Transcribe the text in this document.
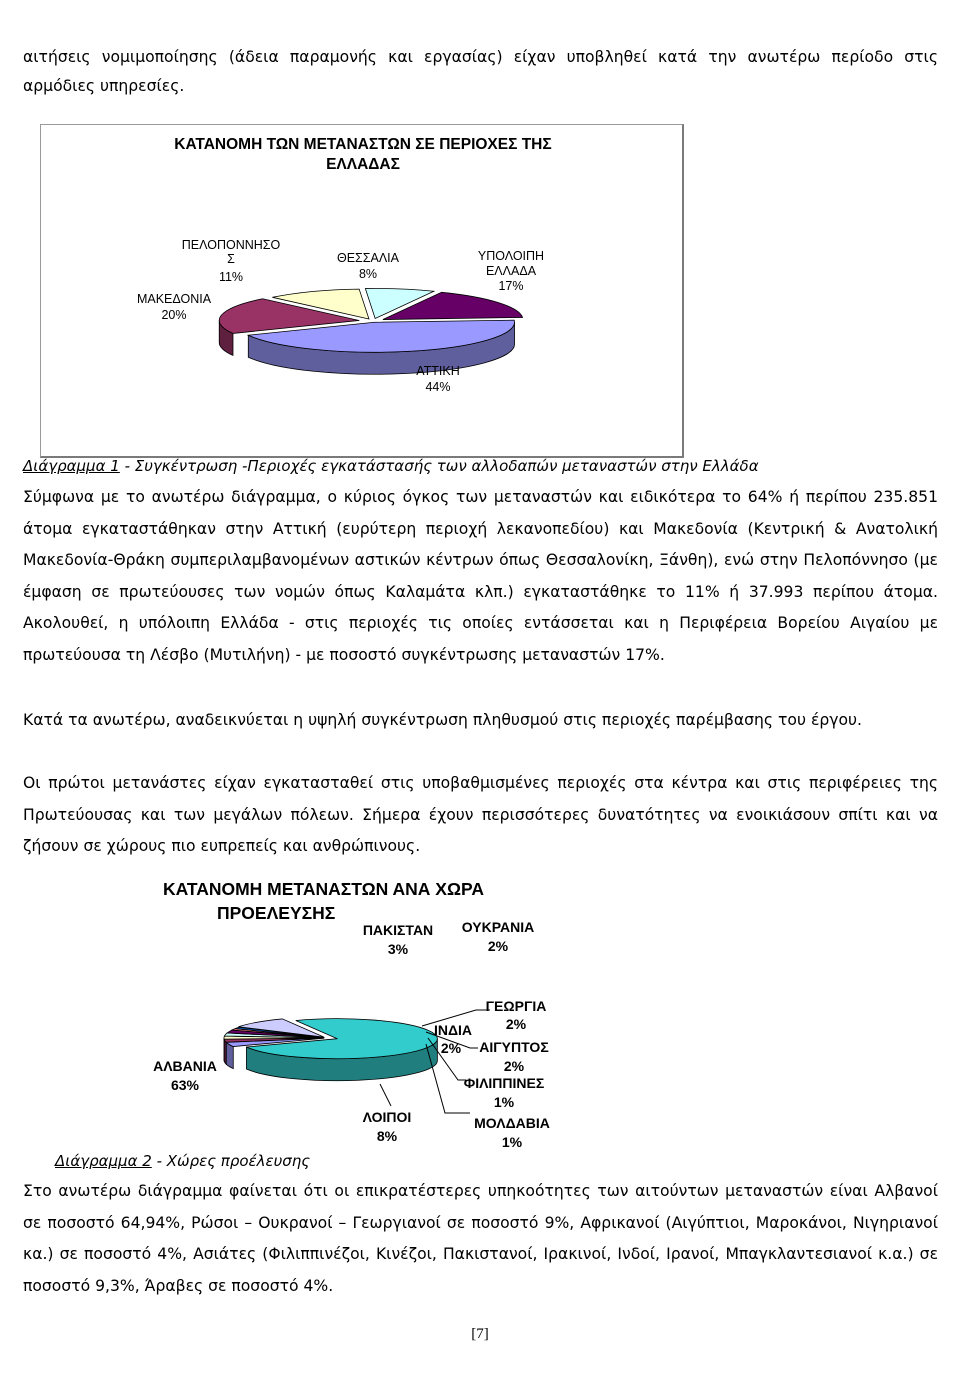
αιτήσεις νομιμοποίησης (άδεια παραμονής και εργασίας) είχαν υποβληθεί κατά την ανωτέρω περίοδο στις αρμόδιες υπηρεσίες.

ΚΑΤΑΝΟΜΗ ΤΩΝ ΜΕΤΑΝΑΣΤΩΝ ΣΕ ΠΕΡΙΟΧΕΣ ΤΗΣ
ΕΛΛΑΔΑΣ
ΠΕΛΟΠΟΝΝΗΣΟ
Σ
11%
ΜΑΚΕΔΟΝΙΑ
20%
ΘΕΣΣΑΛΙΑ
8%
ΥΠΟΛΟΙΠΗ
ΕΛΛΑΔΑ
17%
ΑΤΤΙΚΗ
44%
Διάγραμμα 1 - Συγκέντρωση -Περιοχές εγκατάστασής των αλλοδαπών μεταναστών στην Ελλάδα

Σύμφωνα με το ανωτέρω διάγραμμα, ο κύριος όγκος των μεταναστών και ειδικότερα το 64% ή περίπου 235.851 άτομα εγκαταστάθηκαν στην Αττική (ευρύτερη περιοχή λεκανοπεδίου) και Μακεδονία (Κεντρική & Ανατολική Μακεδονία-Θράκη συμπεριλαμβανομένων αστικών κέντρων όπως Θεσσαλονίκη, Ξάνθη), ενώ στην Πελοπόννησο (με έμφαση σε πρωτεύουσες των νομών όπως Καλαμάτα κλπ.) εγκαταστάθηκε το 11% ή 37.993 περίπου άτομα. Ακολουθεί, η υπόλοιπη Ελλάδα - στις περιοχές τις οποίες εντάσσεται και η Περιφέρεια Βορείου Αιγαίου με πρωτεύουσα τη Λέσβο (Μυτιλήνη) - με ποσοστό συγκέντρωσης μεταναστών 17%.

Κατά τα ανωτέρω, αναδεικνύεται η υψηλή συγκέντρωση πληθυσμού στις περιοχές παρέμβασης του έργου.

Οι πρώτοι μετανάστες είχαν εγκατασταθεί στις υποβαθμισμένες περιοχές στα κέντρα και στις περιφέρειες της Πρωτεύουσας και των μεγάλων πόλεων. Σήμερα έχουν περισσότερες δυνατότητες να ενοικιάσουν σπίτι και να ζήσουν σε χώρους πιο ευπρεπείς και ανθρώπινους.

ΚΑΤΑΝΟΜΗ ΜΕΤΑΝΑΣΤΩΝ ΑΝΑ ΧΩΡΑ
ΠΡΟΕΛΕΥΣΗΣ
ΠΑΚΙΣΤΑΝ
3%
ΟΥΚΡΑΝΙΑ
2%
ΓΕΩΡΓΙΑ
2%
ΙΝΔΙΑ
2% ΑΙΓΥΠΤΟΣ
2%
ΦΙΛΙΠΠΙΝΕΣ
1%
ΜΟΛΔΑΒΙΑ
1%
ΑΛΒΑΝΙΑ
63%
ΛΟΙΠΟΙ
8%
Διάγραμμα 2 - Χώρες προέλευσης

Στο ανωτέρω διάγραμμα φαίνεται ότι οι επικρατέστερες υπηκοότητες των αιτούντων μεταναστών είναι Αλβανοί σε ποσοστό 64,94%, Ρώσοι – Ουκρανοί – Γεωργιανοί σε ποσοστό 9%, Αφρικανοί (Αιγύπτιοι, Μαροκάνοι, Νιγηριανοί κα.) σε ποσοστό 4%, Ασιάτες (Φιλιππινέζοι, Κινέζοι, Πακιστανοί, Ιρακινοί, Ινδοί, Ιρανοί, Μπαγκλαντεσιανοί κ.α.) σε ποσοστό 9,3%, Άραβες σε ποσοστό 4%.

[7]
